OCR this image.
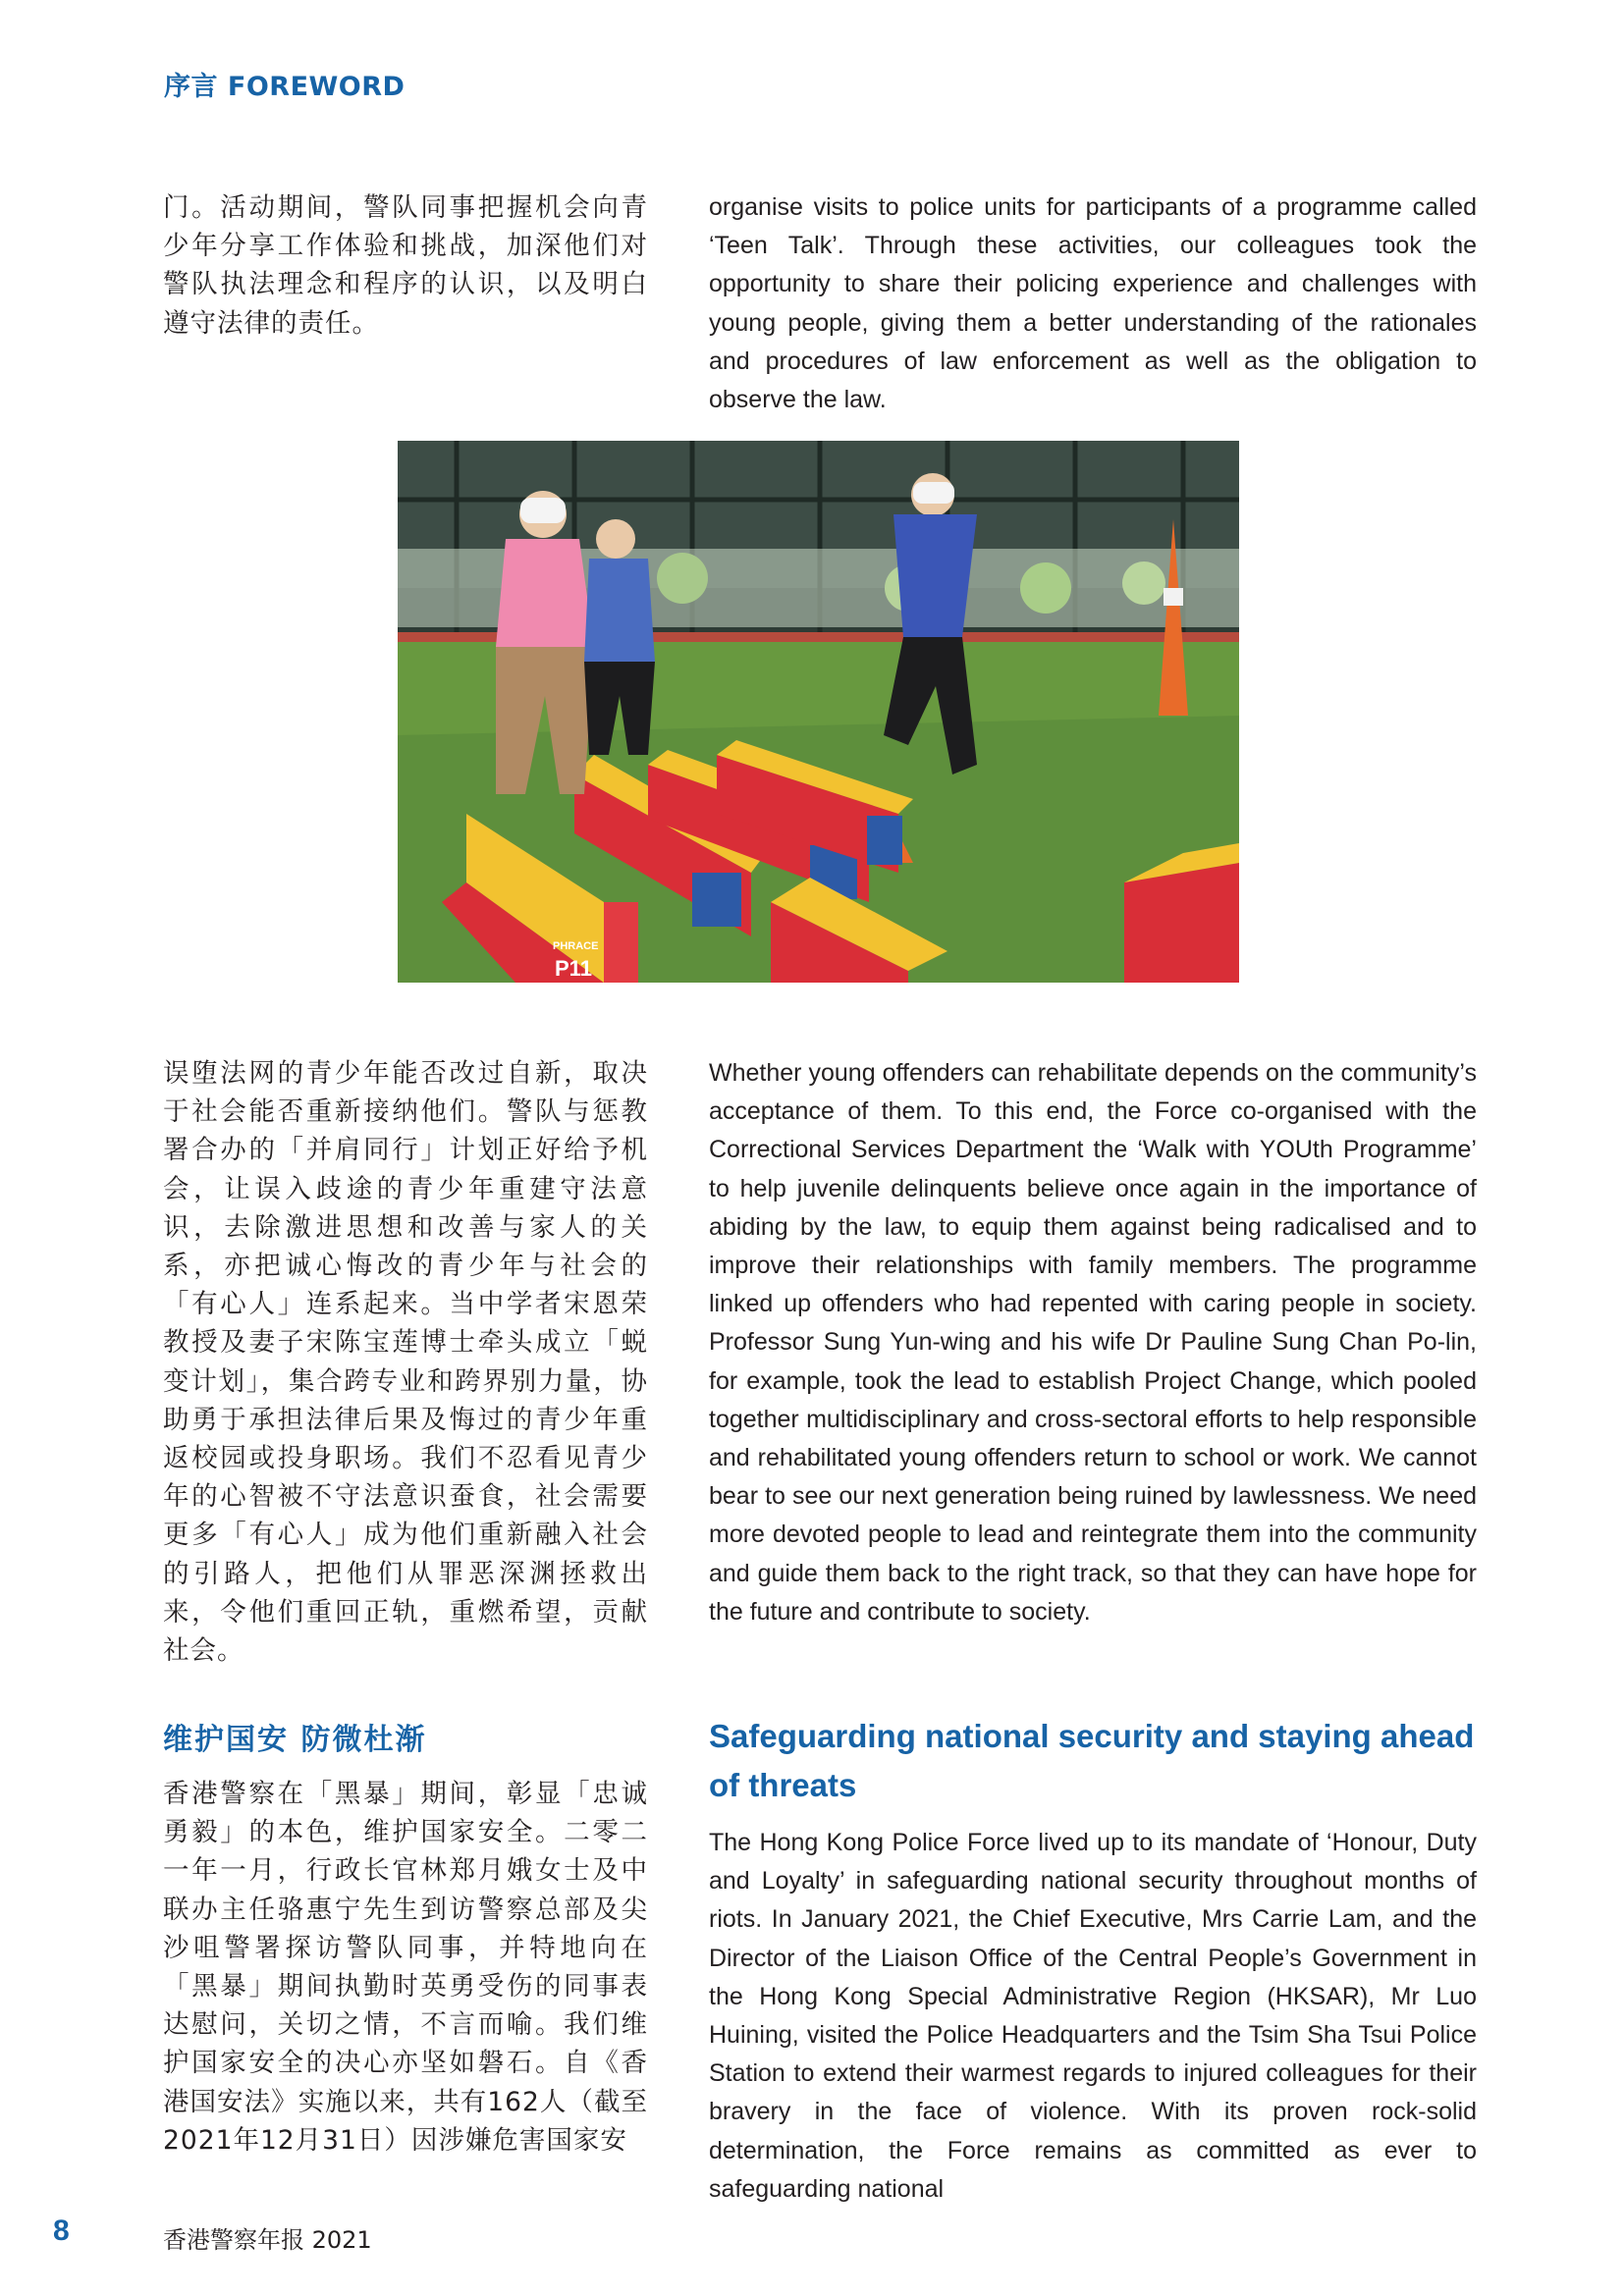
序言 FOREWORD

门。活动期间，警队同事把握机会向青少年分享工作体验和挑战，加深他们对警队执法理念和程序的认识，以及明白遵守法律的责任。

organise visits to police units for participants of a programme called ‘Teen Talk’. Through these activities, our colleagues took the opportunity to share their policing experience and challenges with young people, giving them a better understanding of the rationales and procedures of law enforcement as well as the obligation to observe the law.

PHRACE
P11

误堕法网的青少年能否改过自新，取决于社会能否重新接纳他们。警队与惩教署合办的「并肩同行」计划正好给予机会，让误入歧途的青少年重建守法意识，去除激进思想和改善与家人的关系，亦把诚心悔改的青少年与社会的「有心人」连系起来。当中学者宋恩荣教授及妻子宋陈宝莲博士牵头成立「蜕变计划」，集合跨专业和跨界别力量，协助勇于承担法律后果及悔过的青少年重返校园或投身职场。我们不忍看见青少年的心智被不守法意识蚕食，社会需要更多「有心人」成为他们重新融入社会的引路人，把他们从罪恶深渊拯救出来，令他们重回正轨，重燃希望，贡献社会。

Whether young offenders can rehabilitate depends on the community’s acceptance of them. To this end, the Force co-organised with the Correctional Services Department the ‘Walk with YOUth Programme’ to help juvenile delinquents believe once again in the importance of abiding by the law, to equip them against being radicalised and to improve their relationships with family members. The programme linked up offenders who had repented with caring people in society. Professor Sung Yun-wing and his wife Dr Pauline Sung Chan Po-lin, for example, took the lead to establish Project Change, which pooled together multidisciplinary and cross-sectoral efforts to help responsible and rehabilitated young offenders return to school or work. We cannot bear to see our next generation being ruined by lawlessness. We need more devoted people to lead and reintegrate them into the community and guide them back to the right track, so that they can have hope for the future and contribute to society.

维护国安 防微杜渐	Safeguarding national security and staying ahead of threats

香港警察在「黑暴」期间，彰显「忠诚勇毅」的本色，维护国家安全。二零二一年一月，行政长官林郑月娥女士及中联办主任骆惠宁先生到访警察总部及尖沙咀警署探访警队同事，并特地向在「黑暴」期间执勤时英勇受伤的同事表达慰问，关切之情，不言而喻。我们维护国家安全的决心亦坚如磐石。自《香港国安法》实施以来，共有162人（截至2021年12月31日）因涉嫌危害国家安

The Hong Kong Police Force lived up to its mandate of ‘Honour, Duty and Loyalty’ in safeguarding national security throughout months of riots. In January 2021, the Chief Executive, Mrs Carrie Lam, and the Director of the Liaison Office of the Central People’s Government in the Hong Kong Special Administrative Region (HKSAR), Mr Luo Huining, visited the Police Headquarters and the Tsim Sha Tsui Police Station to extend their warmest regards to injured colleagues for their bravery in the face of violence. With its proven rock-solid determination, the Force remains as committed as ever to safeguarding national

8	香港警察年报 2021
